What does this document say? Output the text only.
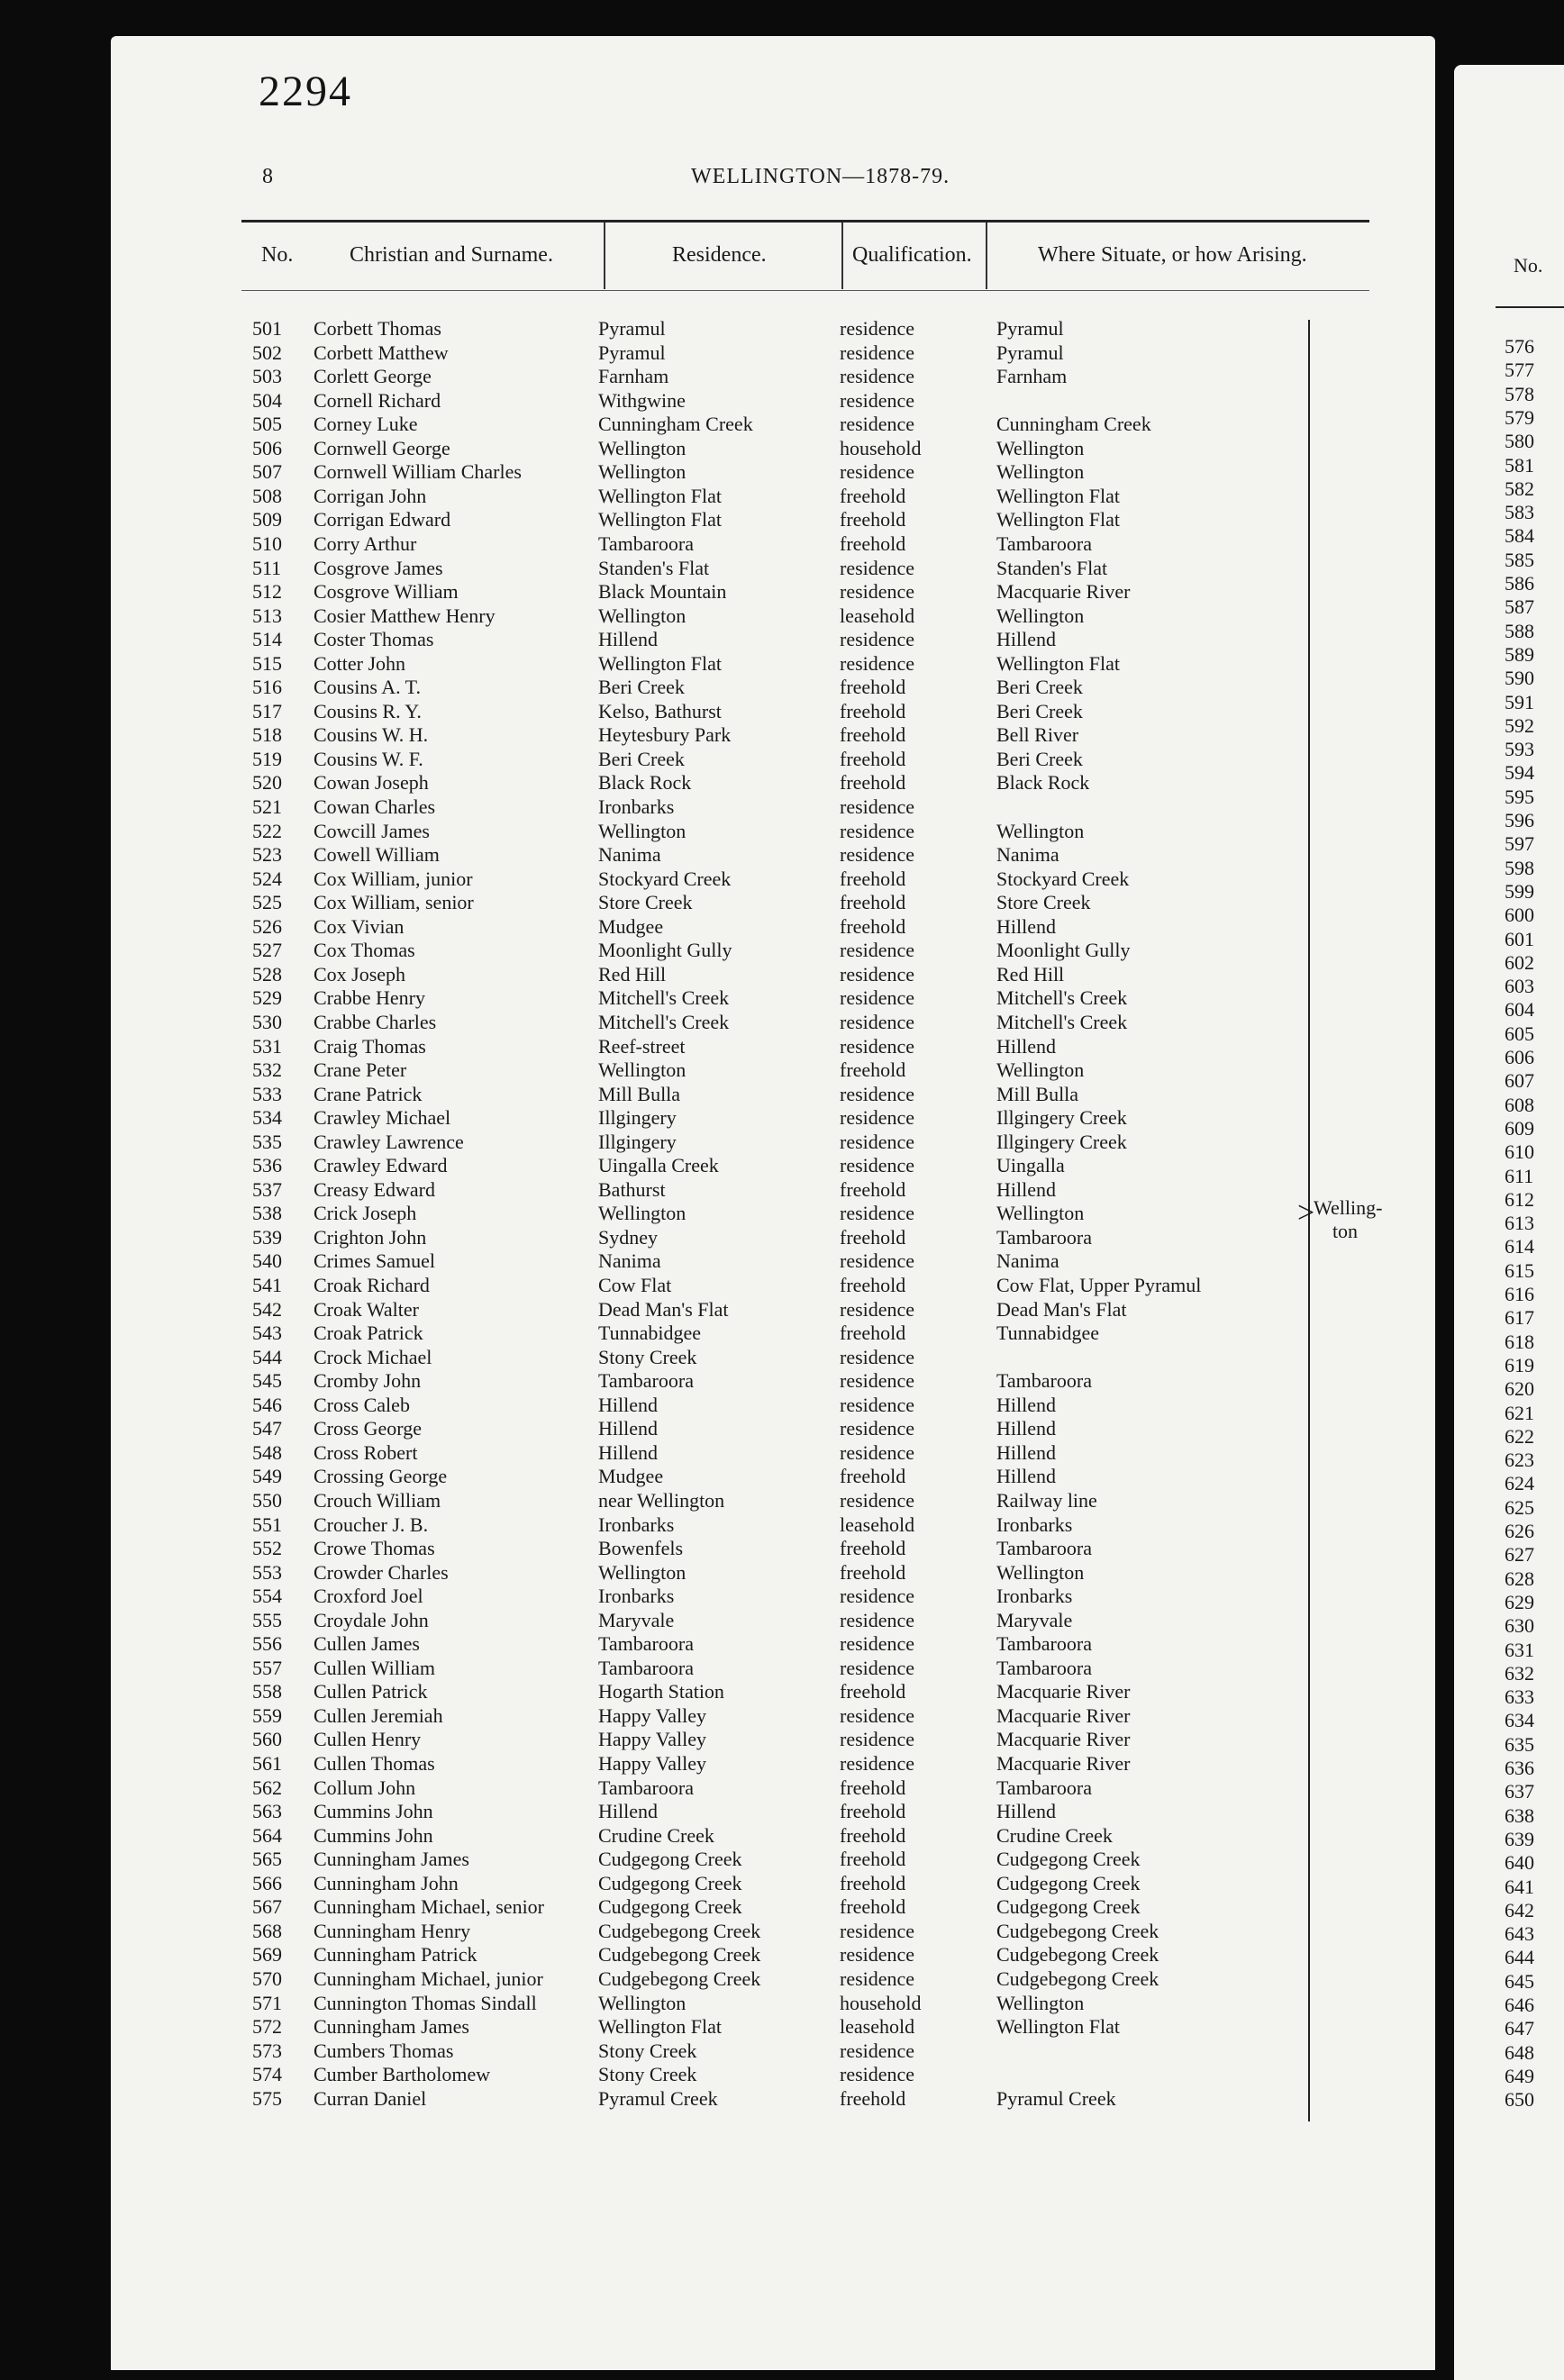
2294
8	WELLINGTON—1878-79.
No.	Christian and Surname.	Residence.	Qualification.	Where Situate, or how Arising.
501 Corbett Thomas	Pyramul	residence	Pyramul
502 Corbett Matthew	Pyramul	residence	Pyramul
503 Corlett George	Farnham	residence	Farnham
504 Cornell Richard	Withgwine	residence
505 Corney Luke	Cunningham Creek	residence	Cunningham Creek
506 Cornwell George	Wellington	household	Wellington
507 Cornwell William Charles	Wellington	residence	Wellington
508 Corrigan John	Wellington Flat	freehold	Wellington Flat
509 Corrigan Edward	Wellington Flat	freehold	Wellington Flat
510 Corry Arthur	Tambaroora	freehold	Tambaroora
511 Cosgrove James	Standen's Flat	residence	Standen's Flat
512 Cosgrove William	Black Mountain	residence	Macquarie River
513 Cosier Matthew Henry	Wellington	leasehold	Wellington
514 Coster Thomas	Hillend	residence	Hillend
515 Cotter John	Wellington Flat	residence	Wellington Flat
516 Cousins A. T.	Beri Creek	freehold	Beri Creek
517 Cousins R. Y.	Kelso, Bathurst	freehold	Beri Creek
518 Cousins W. H.	Heytesbury Park	freehold	Bell River
519 Cousins W. F.	Beri Creek	freehold	Beri Creek
520 Cowan Joseph	Black Rock	freehold	Black Rock
521 Cowan Charles	Ironbarks	residence
522 Cowcill James	Wellington	residence	Wellington
523 Cowell William	Nanima	residence	Nanima
524 Cox William, junior	Stockyard Creek	freehold	Stockyard Creek
525 Cox William, senior	Store Creek	freehold	Store Creek
526 Cox Vivian	Mudgee	freehold	Hillend
527 Cox Thomas	Moonlight Gully	residence	Moonlight Gully
528 Cox Joseph	Red Hill	residence	Red Hill
529 Crabbe Henry	Mitchell's Creek	residence	Mitchell's Creek
530 Crabbe Charles	Mitchell's Creek	residence	Mitchell's Creek
531 Craig Thomas	Reef-street	residence	Hillend
532 Crane Peter	Wellington	freehold	Wellington
533 Crane Patrick	Mill Bulla	residence	Mill Bulla
534 Crawley Michael	Illgingery	residence	Illgingery Creek
535 Crawley Lawrence	Illgingery	residence	Illgingery Creek
536 Crawley Edward	Uingalla Creek	residence	Uingalla
537 Creasy Edward	Bathurst	freehold	Hillend
538 Crick Joseph	Wellington	residence	Wellington
539 Crighton John	Sydney	freehold	Tambaroora
540 Crimes Samuel	Nanima	residence	Nanima
541 Croak Richard	Cow Flat	freehold	Cow Flat, Upper Pyramul
542 Croak Walter	Dead Man's Flat	residence	Dead Man's Flat
543 Croak Patrick	Tunnabidgee	freehold	Tunnabidgee
544 Crock Michael	Stony Creek	residence
545 Cromby John	Tambaroora	residence	Tambaroora
546 Cross Caleb	Hillend	residence	Hillend
547 Cross George	Hillend	residence	Hillend
548 Cross Robert	Hillend	residence	Hillend
549 Crossing George	Mudgee	freehold	Hillend
550 Crouch William	near Wellington	residence	Railway line
551 Croucher J. B.	Ironbarks	leasehold	Ironbarks
552 Crowe Thomas	Bowenfels	freehold	Tambaroora
553 Crowder Charles	Wellington	freehold	Wellington
554 Croxford Joel	Ironbarks	residence	Ironbarks
555 Croydale John	Maryvale	residence	Maryvale
556 Cullen James	Tambaroora	residence	Tambaroora
557 Cullen William	Tambaroora	residence	Tambaroora
558 Cullen Patrick	Hogarth Station	freehold	Macquarie River
559 Cullen Jeremiah	Happy Valley	residence	Macquarie River
560 Cullen Henry	Happy Valley	residence	Macquarie River
561 Cullen Thomas	Happy Valley	residence	Macquarie River
562 Collum John	Tambaroora	freehold	Tambaroora
563 Cummins John	Hillend	freehold	Hillend
564 Cummins John	Crudine Creek	freehold	Crudine Creek
565 Cunningham James	Cudgegong Creek	freehold	Cudgegong Creek
566 Cunningham John	Cudgegong Creek	freehold	Cudgegong Creek
567 Cunningham Michael, senior	Cudgegong Creek	freehold	Cudgegong Creek
568 Cunningham Henry	Cudgebegong Creek	residence	Cudgebegong Creek
569 Cunningham Patrick	Cudgebegong Creek	residence	Cudgebegong Creek
570 Cunningham Michael, junior	Cudgebegong Creek	residence	Cudgebegong Creek
571 Cunnington Thomas Sindall	Wellington	household	Wellington
572 Cunningham James	Wellington Flat	leasehold	Wellington Flat
573 Cumbers Thomas	Stony Creek	residence
574 Cumber Bartholomew	Stony Creek	residence
575 Curran Daniel	Pyramul Creek	freehold	Pyramul Creek
>
Welling-
ton
No.
576
577
578
579
580
581
582
583
584
585
586
587
588
589
590
591
592
593
594
595
596
597
598
599
600
601
602
603
604
605
606
607
608
609
610
611
612
613
614
615
616
617
618
619
620
621
622
623
624
625
626
627
628
629
630
631
632
633
634
635
636
637
638
639
640
641
642
643
644
645
646
647
648
649
650
